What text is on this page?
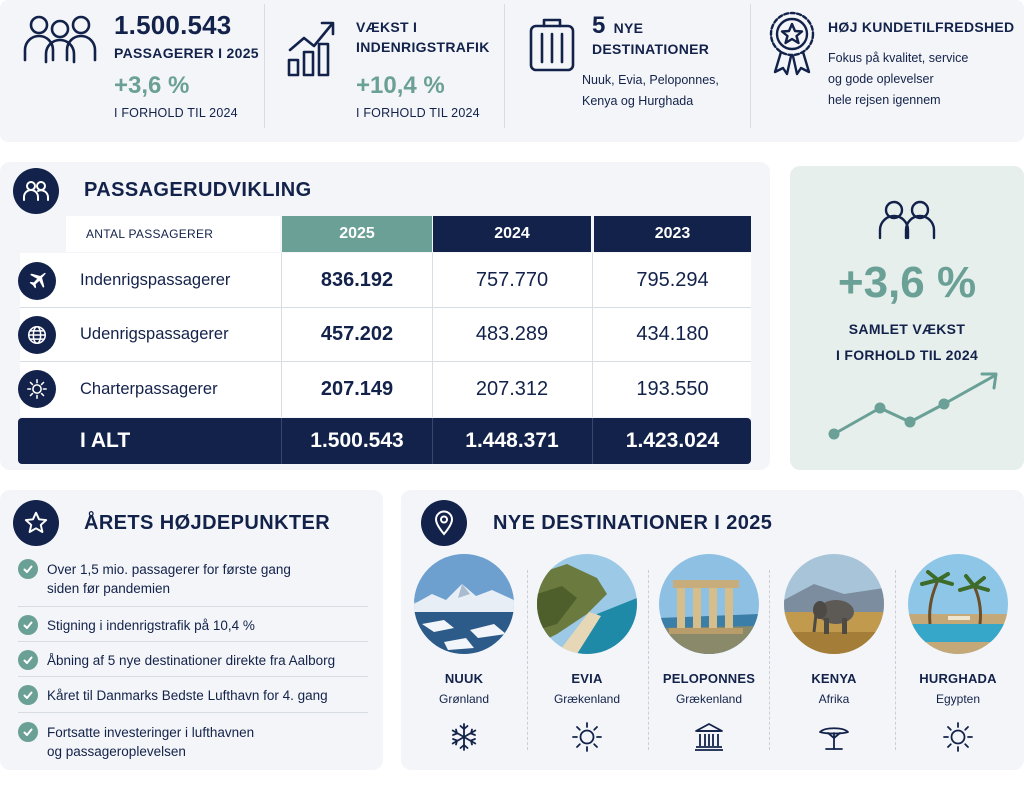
1.500.543
PASSAGERER I 2025
+3,6 %
I FORHOLD TIL 2024
VÆKST I
INDENRIGSTRAFIK
+10,4 %
I FORHOLD TIL 2024
5 NYE
DESTINATIONER
Nuuk, Evia, Peloponnes,
Kenya og Hurghada
HØJ KUNDETILFREDSHED
Fokus på kvalitet, service
og gode oplevelser
hele rejsen igennem
PASSAGERUDVIKLING
ANTAL PASSAGERER	2025	2024	2023
Indenrigspassagerer	836.192	757.770	795.294
Udenrigspassagerer	457.202	483.289	434.180
Charterpassagerer	207.149	207.312	193.550
I ALT	1.500.543	1.448.371	1.423.024
+3,6 %
SAMLET VÆKST
I FORHOLD TIL 2024
ÅRETS HØJDEPUNKTER
Over 1,5 mio. passagerer for første gang
siden før pandemien
Stigning i indenrigstrafik på 10,4 %
Åbning af 5 nye destinationer direkte fra Aalborg
Kåret til Danmarks Bedste Lufthavn for 4. gang
Fortsatte investeringer i lufthavnen
og passageroplevelsen
NYE DESTINATIONER I 2025
NUUK
Grønland
EVIA
Grækenland
PELOPONNES
Grækenland
KENYA
Afrika
HURGHADA
Egypten
